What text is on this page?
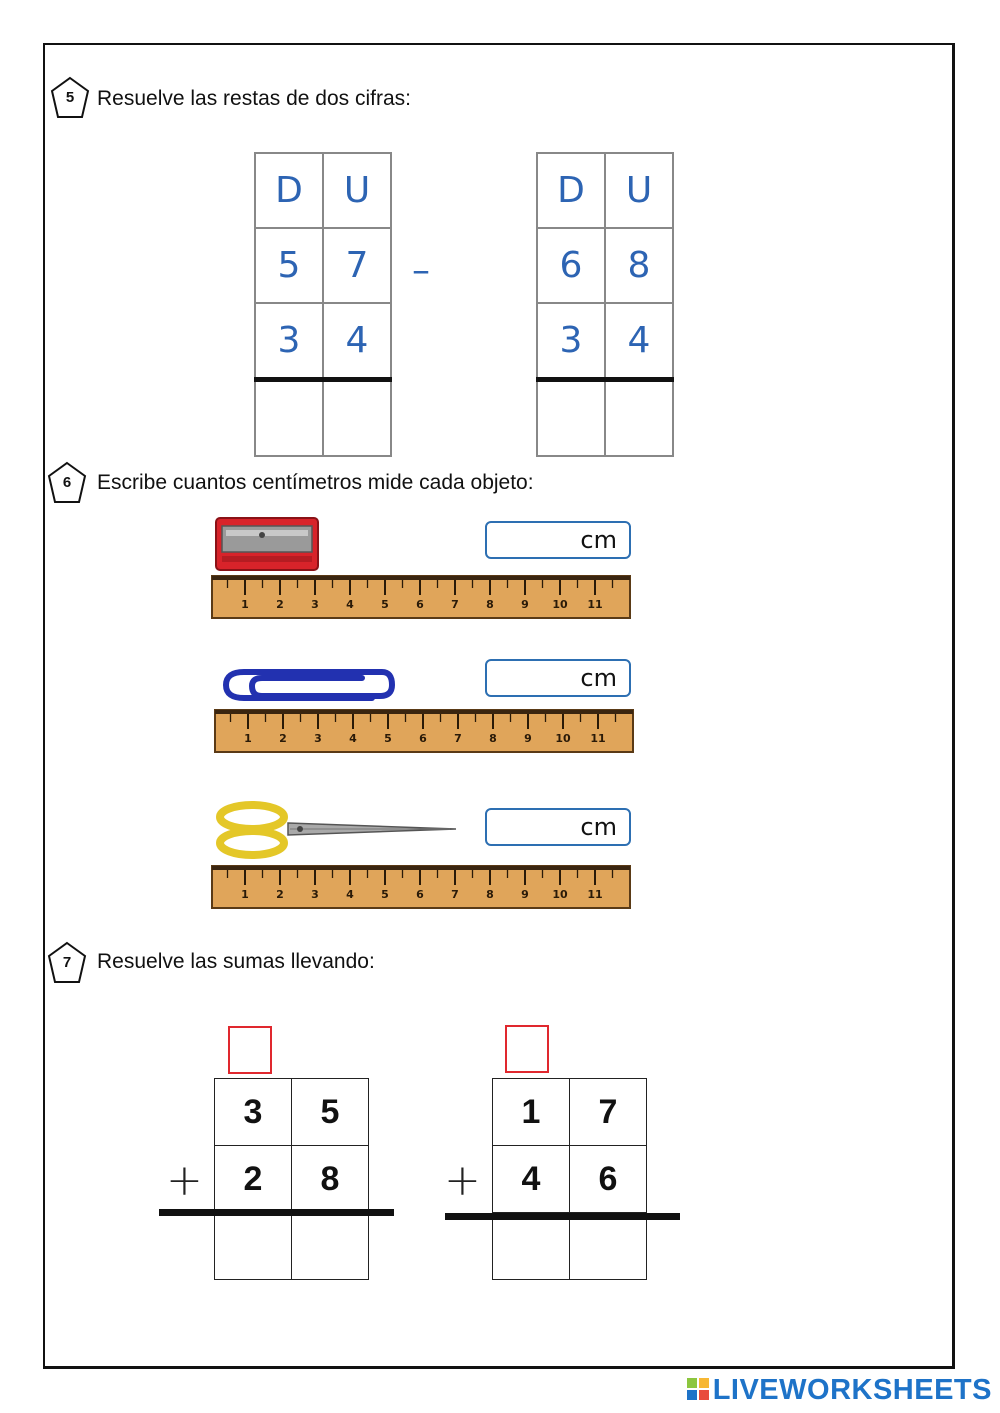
5	Resuelve las restas de dos cifras:
D	U
5	7
3	4

–
D	U
6	8
3	4

6	Escribe cuantos centímetros mide cada objeto:
cm
1 2 3 4 5 6 7 8 9 10 11
cm
1 2 3 4 5 6 7 8 9 10 11
cm
1 2 3 4 5 6 7 8 9 10 11
7	Resuelve las sumas llevando:
3	5
2	8

+
1	7
4	6

+
LIVEWORKSHEETS
